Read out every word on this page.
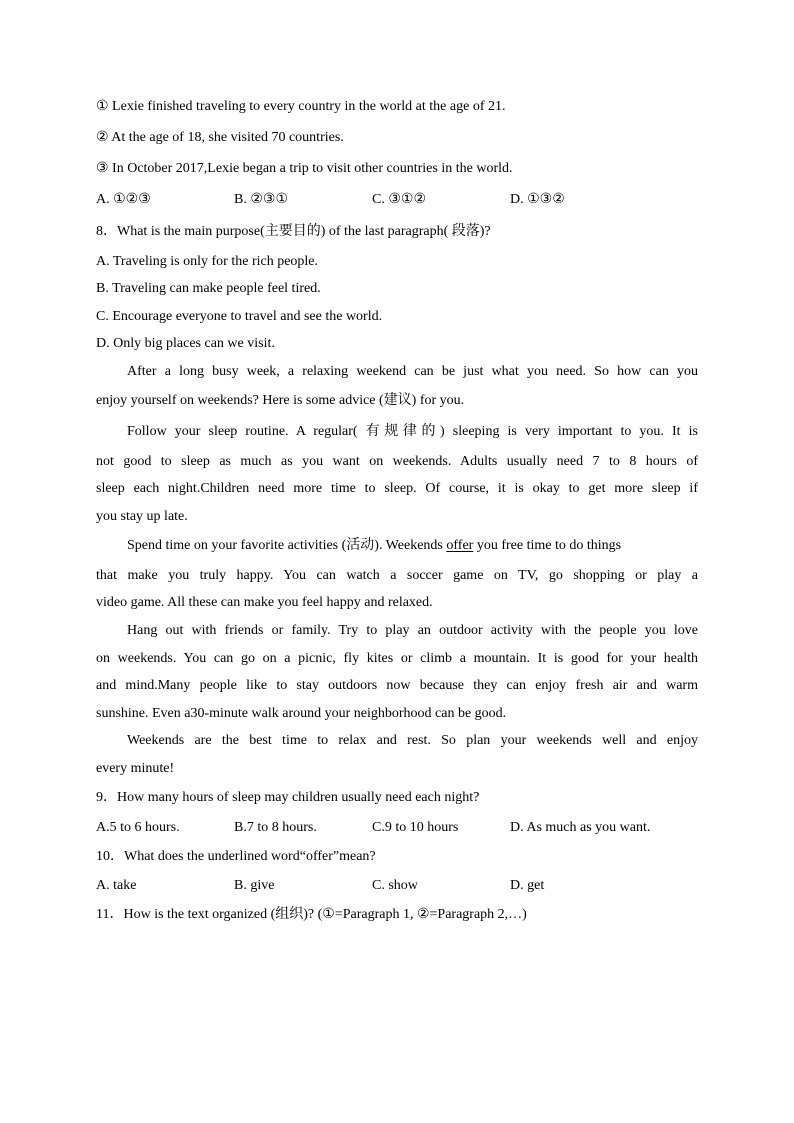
① Lexie finished traveling to every country in the world at the age of 21.
② At the age of 18, she visited 70 countries.
③ In October 2017,Lexie began a trip to visit other countries in the world.
A. ①②③	B. ②③①	C. ③①②	D. ①③②
8．What is the main purpose(主要目的) of the last paragraph( 段落)?
A. Traveling is only for the rich people.
B. Traveling can make people feel tired.
C. Encourage everyone to travel and see the world.
D. Only big places can we visit.
After a long busy week, a relaxing weekend can be just what you need. So how can you
enjoy yourself on weekends? Here is some advice (建议) for you.
Follow your sleep routine. A regular( 有规律的) sleeping is very important to you. It is
not good to sleep as much as you want on weekends. Adults usually need 7 to 8 hours of
sleep each night.Children need more time to sleep. Of course, it is okay to get more sleep if
you stay up late.
Spend time on your favorite activities (活动). Weekends offer you free time to do things
that make you truly happy. You can watch a soccer game on TV, go shopping or play a
video game. All these can make you feel happy and relaxed.
Hang out with friends or family. Try to play an outdoor activity with the people you love
on weekends. You can go on a picnic, fly kites or climb a mountain. It is good for your health
and mind.Many people like to stay outdoors now because they can enjoy fresh air and warm
sunshine. Even a30-minute walk around your neighborhood can be good.
Weekends are the best time to relax and rest. So plan your weekends well and enjoy
every minute!
9．How many hours of sleep may children usually need each night?
A.5 to 6 hours.	B.7 to 8 hours.	C.9 to 10 hours	D. As much as you want.
10．What does the underlined word“offer”mean?
A. take	B. give	C. show	D. get
11．How is the text organized (组织)? (①=Paragraph 1, ②=Paragraph 2,…)
